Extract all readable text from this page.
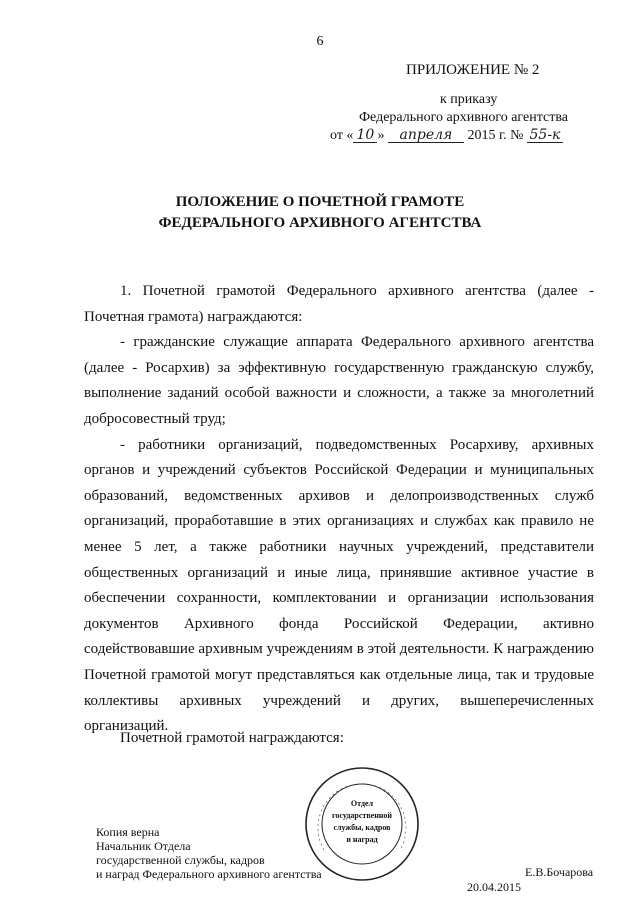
6
ПРИЛОЖЕНИЕ № 2
к приказу
Федерального архивного агентства
от « 10 » апреля 2015 г. № 55-к
ПОЛОЖЕНИЕ О ПОЧЕТНОЙ ГРАМОТЕ
ФЕДЕРАЛЬНОГО АРХИВНОГО АГЕНТСТВА

1. Почетной грамотой Федерального архивного агентства (далее - Почетная грамота) награждаются:

- гражданские служащие аппарата Федерального архивного агентства (далее - Росархив) за эффективную государственную гражданскую службу, выполнение заданий особой важности и сложности, а также за многолетний добросовестный труд;

- работники организаций, подведомственных Росархиву, архивных органов и учреждений субъектов Российской Федерации и муниципальных образований, ведомственных архивов и делопроизводственных служб организаций, проработавшие в этих организациях и службах как правило не менее 5 лет, а также работники научных учреждений, представители общественных организаций и иные лица, принявшие активное участие в обеспечении сохранности, комплектовании и организации использования документов Архивного фонда Российской Федерации, активно содействовавшие архивным учреждениям в этой деятельности. К награждению Почетной грамотой могут представляться как отдельные лица, так и трудовые коллективы архивных учреждений и других, вышеперечисленных организаций.

Почетной грамотой награждаются:

Копия верна
Начальник Отдела
государственной службы, кадров
и наград Федерального архивного агентства	Е.В.Бочарова
20.04.2015
Отдел
государственной
службы, кадров
и наград
